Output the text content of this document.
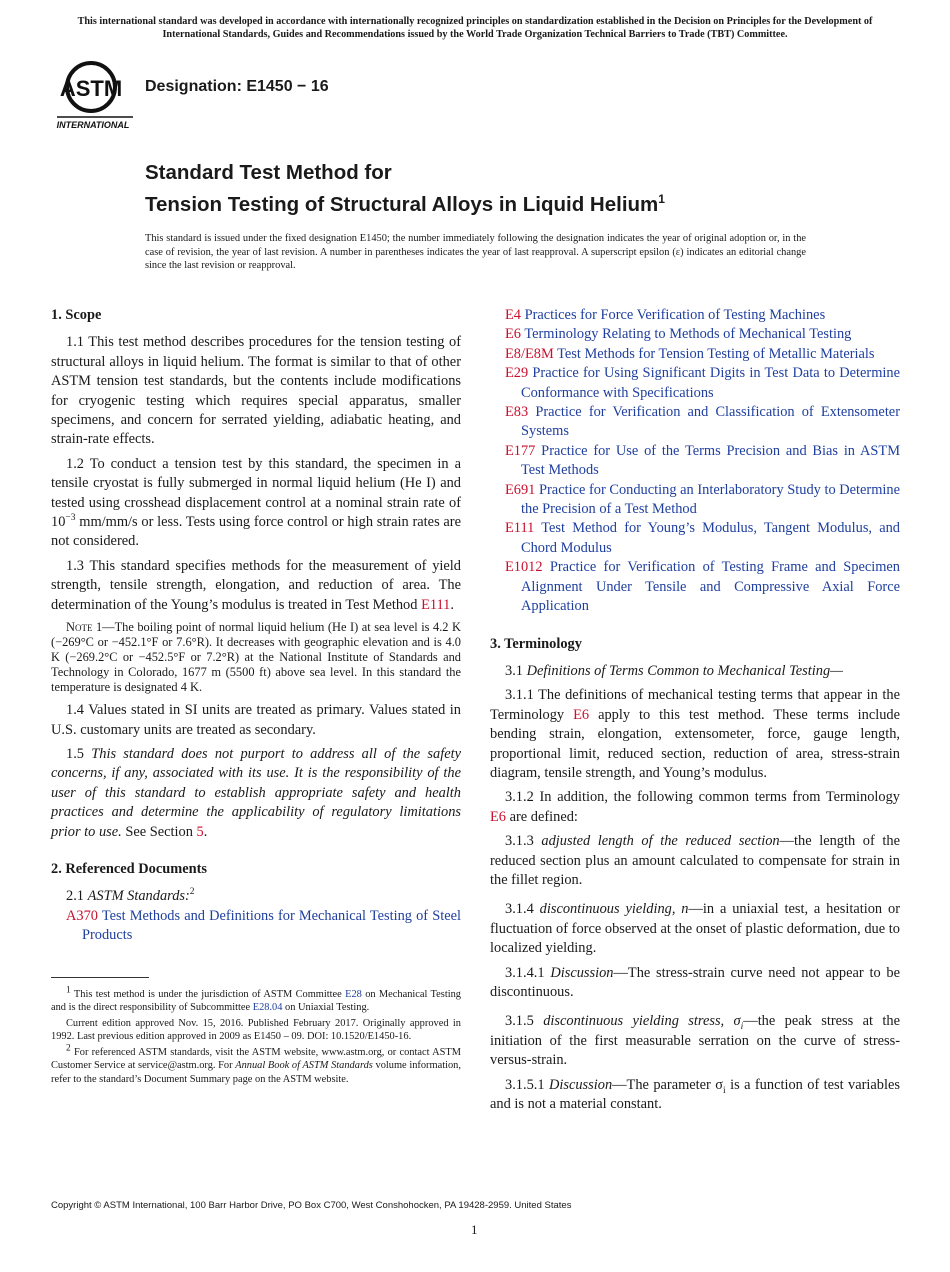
This international standard was developed in accordance with internationally recognized principles on standardization established in the Decision on Principles for the Development of International Standards, Guides and Recommendations issued by the World Trade Organization Technical Barriers to Trade (TBT) Committee.
ASTM
INTERNATIONAL
Designation: E1450 − 16
Standard Test Method for
Tension Testing of Structural Alloys in Liquid Helium$^1$
This standard is issued under the fixed designation E1450; the number immediately following the designation indicates the year of original adoption or, in the case of revision, the year of last revision. A number in parentheses indicates the year of last reapproval. A superscript epsilon (ε) indicates an editorial change since the last revision or reapproval.
1. Scope

1.1 This test method describes procedures for the tension testing of structural alloys in liquid helium. The format is similar to that of other ASTM tension test standards, but the contents include modifications for cryogenic testing which requires special apparatus, smaller specimens, and concern for serrated yielding, adiabatic heating, and strain-rate effects.

1.2 To conduct a tension test by this standard, the specimen in a tensile cryostat is fully submerged in normal liquid helium (He I) and tested using crosshead displacement control at a nominal strain rate of $10^{-3}$ mm/mm/s or less. Tests using force control or high strain rates are not considered.

1.3 This standard specifies methods for the measurement of yield strength, tensile strength, elongation, and reduction of area. The determination of the Young’s modulus is treated in Test Method E111.

Note 1—The boiling point of normal liquid helium (He I) at sea level is 4.2 K (−269°C or −452.1°F or 7.6°R). It decreases with geographic elevation and is 4.0 K (−269.2°C or −452.5°F or 7.2°R) at the National Institute of Standards and Technology in Colorado, 1677 m (5500 ft) above sea level. In this standard the temperature is designated 4 K.

1.4 Values stated in SI units are treated as primary. Values stated in U.S. customary units are treated as secondary.

1.5 This standard does not purport to address all of the safety concerns, if any, associated with its use. It is the responsibility of the user of this standard to establish appropriate safety and health practices and determine the applicability of regulatory limitations prior to use. See Section 5.

2. Referenced Documents

2.1 ASTM Standards:$^2$

A370 Test Methods and Definitions for Mechanical Testing of Steel Products
E4 Practices for Force Verification of Testing Machines
E6 Terminology Relating to Methods of Mechanical Testing
E8/E8M Test Methods for Tension Testing of Metallic Materials
E29 Practice for Using Significant Digits in Test Data to Determine Conformance with Specifications
E83 Practice for Verification and Classification of Extensometer Systems
E177 Practice for Use of the Terms Precision and Bias in ASTM Test Methods
E691 Practice for Conducting an Interlaboratory Study to Determine the Precision of a Test Method
E111 Test Method for Young’s Modulus, Tangent Modulus, and Chord Modulus
E1012 Practice for Verification of Testing Frame and Specimen Alignment Under Tensile and Compressive Axial Force Application
3. Terminology

3.1 Definitions of Terms Common to Mechanical Testing—

3.1.1 The definitions of mechanical testing terms that appear in the Terminology E6 apply to this test method. These terms include bending strain, elongation, extensometer, force, gauge length, proportional limit, reduced section, reduction of area, stress-strain diagram, tensile strength, and Young’s modulus.

3.1.2 In addition, the following common terms from Terminology E6 are defined:

3.1.3 adjusted length of the reduced section—the length of the reduced section plus an amount calculated to compensate for strain in the fillet region.

3.1.4 discontinuous yielding, n—in a uniaxial test, a hesitation or fluctuation of force observed at the onset of plastic deformation, due to localized yielding.

3.1.4.1 Discussion—The stress-strain curve need not appear to be discontinuous.

3.1.5 discontinuous yielding stress, $\sigma_i—the$ peak stress at the initiation of the first measurable serration on the curve of stress-versus-strain.

3.1.5.1 Discussion—The parameter $\sigma_i$ is a function of test variables and is not a material constant.

$^1$ This test method is under the jurisdiction of ASTM Committee E28 on Mechanical Testing and is the direct responsibility of Subcommittee E28.04 on Uniaxial Testing.

Current edition approved Nov. 15, 2016. Published February 2017. Originally approved in 1992. Last previous edition approved in 2009 as E1450 – 09. DOI: 10.1520/E1450-16.

$^2$ For referenced ASTM standards, visit the ASTM website, www.astm.org, or contact ASTM Customer Service at service@astm.org. For Annual Book of ASTM Standards volume information, refer to the standard’s Document Summary page on the ASTM website.

Copyright © ASTM International, 100 Barr Harbor Drive, PO Box C700, West Conshohocken, PA 19428-2959. United States
1
